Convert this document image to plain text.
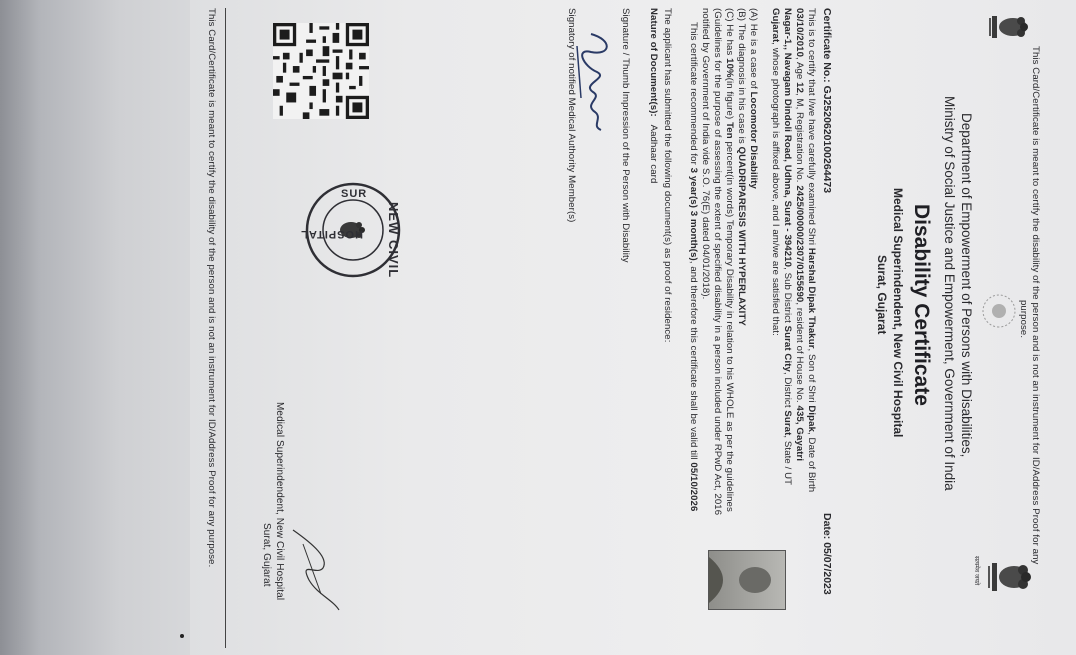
This Card/Certificate is meant to certify the disability of the person and is not an instrument for ID/Address Proof for any
purpose.
सत्यमेव जयते
Department of Empowerment of Persons with Disabilities,
Ministry of Social Justice and Empowerment, Government of India
Disability Certificate
Medical Superindendent, New Civil Hospital
Surat, Gujarat
Certificate No.: GJ2520620100264473
Date: 05/07/2023
This is to certify that I/we have carefully examined Shri Harshal Dipak Thakur, Son of Shri Dipak, Date of Birth
03/10/2010, Age 12, M, Registration No. 2425/00000/2307/0155690, resident of House No. 435, Gayatri
Nagar-1,, Navagam Dindoli Road, Udhna, Surat - 394210, Sub District Surat City, District Surat, State / UT
Gujarat, whose photograph is affixed above, and I am/we are satisfied that:
(A) He is a case of Locomotor Disability
(B) The diagnosis in his case is QUADRIPARESIS WITH HYPERLAXITY
(C) He has 10%(in figure) Ten percent(in words) Temporary Disability in relation to his WHOLE as per the guidelines
(Guidelines for the purpose of assessing the extent of specified disability in a person included under RPwD Act, 2016
notified by Government of India vide S.O. 76(E) dated 04/01/2018).
This certificate recommended for 3 year(s) 3 month(s), and therefore this certificate shall be valid till 05/10/2026
The applicant has submitted the following document(s) as proof of residence:
Nature of Document(s):   Aadhaar card
Signature / Thumb Impression of the Person with Disability
Signatory of notified Medical Authority Member(s)
Medical Superindendent, New Civil Hospital
Surat, Gujarat
NEW CIVIL
HOSPITAL
SUR
This Card/Certificate is meant to certify the disability of the person and is not an instrument for ID/Address Proof for any purpose.
